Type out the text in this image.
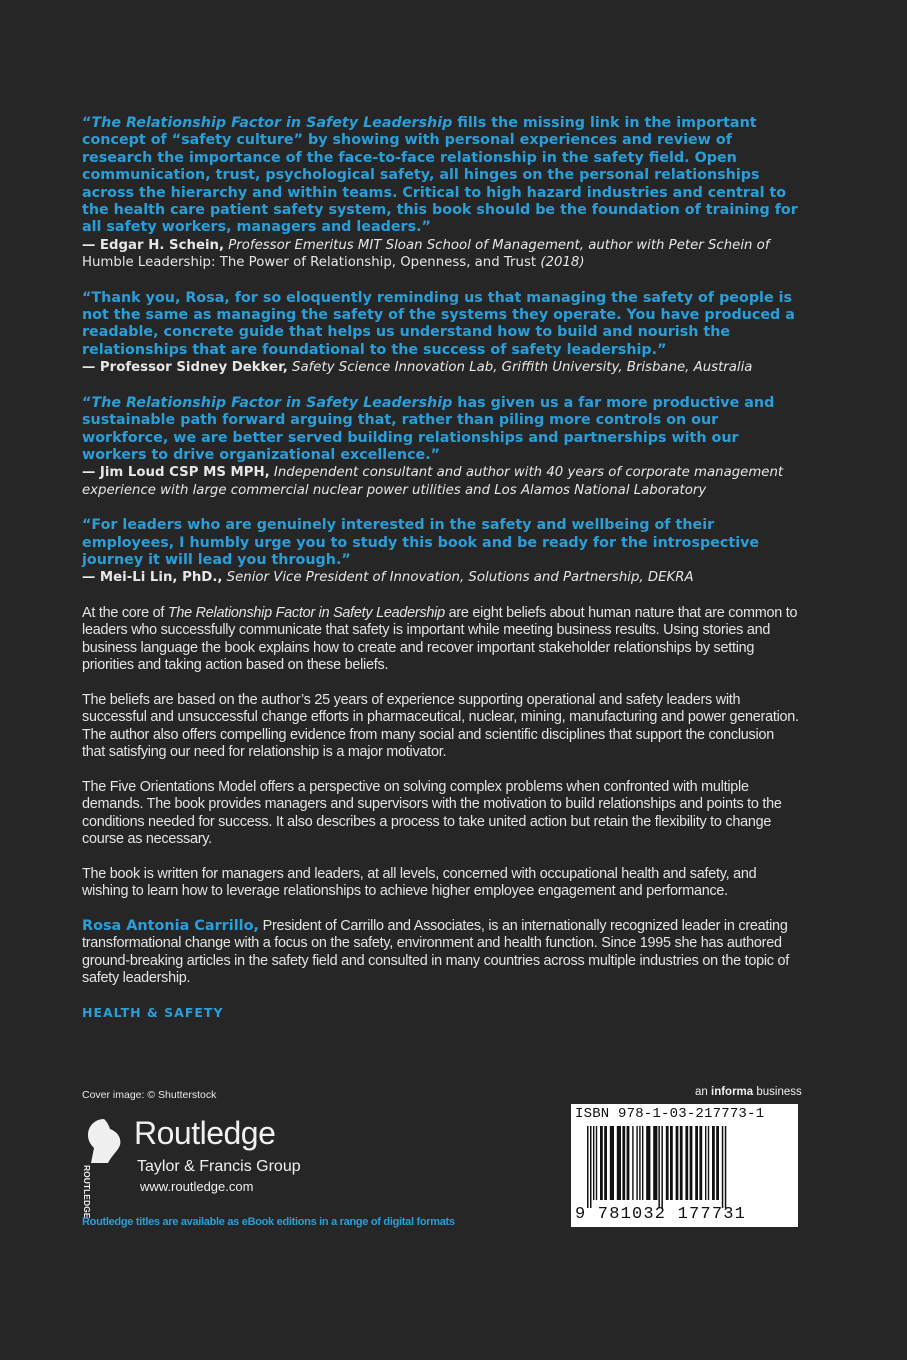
“The Relationship Factor in Safety Leadership fills the missing link in the important concept of “safety culture” by showing with personal experiences and review of research the importance of the face-to-face relationship in the safety field. Open communication, trust, psychological safety, all hinges on the personal relationships across the hierarchy and within teams. Critical to high hazard industries and central to the health care patient safety system, this book should be the foundation of training for all safety workers, managers and leaders.”

— Edgar H. Schein, Professor Emeritus MIT Sloan School of Management, author with Peter Schein of Humble Leadership: The Power of Relationship, Openness, and Trust (2018)

“Thank you, Rosa, for so eloquently reminding us that managing the safety of people is not the same as managing the safety of the systems they operate. You have produced a readable, concrete guide that helps us understand how to build and nourish the relationships that are foundational to the success of safety leadership.”

— Professor Sidney Dekker, Safety Science Innovation Lab, Griffith University, Brisbane, Australia

“The Relationship Factor in Safety Leadership has given us a far more productive and sustainable path forward arguing that, rather than piling more controls on our workforce, we are better served building relationships and partnerships with our workers to drive organizational excellence.”

— Jim Loud CSP MS MPH, Independent consultant and author with 40 years of corporate management experience with large commercial nuclear power utilities and Los Alamos National Laboratory

“For leaders who are genuinely interested in the safety and wellbeing of their employees, I humbly urge you to study this book and be ready for the introspective journey it will lead you through.”

— Mei-Li Lin, PhD., Senior Vice President of Innovation, Solutions and Partnership, DEKRA

At the core of The Relationship Factor in Safety Leadership are eight beliefs about human nature that are common to leaders who successfully communicate that safety is important while meeting business results. Using stories and business language the book explains how to create and recover important stakeholder relationships by setting priorities and taking action based on these beliefs.

The beliefs are based on the author’s 25 years of experience supporting operational and safety leaders with successful and unsuccessful change efforts in pharmaceutical, nuclear, mining, manufacturing and power generation. The author also offers compelling evidence from many social and scientific disciplines that support the conclusion that satisfying our need for relationship is a major motivator.

The Five Orientations Model offers a perspective on solving complex problems when confronted with multiple demands. The book provides managers and supervisors with the motivation to build relationships and points to the conditions needed for success. It also describes a process to take united action but retain the flexibility to change course as necessary.

The book is written for managers and leaders, at all levels, concerned with occupational health and safety, and wishing to learn how to leverage relationships to achieve higher employee engagement and performance.

Rosa Antonia Carrillo, President of Carrillo and Associates, is an internationally recognized leader in creating transformational change with a focus on the safety, environment and health function. Since 1995 she has authored ground-breaking articles in the safety field and consulted in many countries across multiple industries on the topic of safety leadership.

HEALTH & SAFETY
Cover image: © Shutterstock
ROUTLEDGE
Routledge
Taylor & Francis Group
www.routledge.com
Routledge titles are available as eBook editions in a range of digital formats
an informa business
ISBN 978-1-03-217773-1
9 781032 177731
